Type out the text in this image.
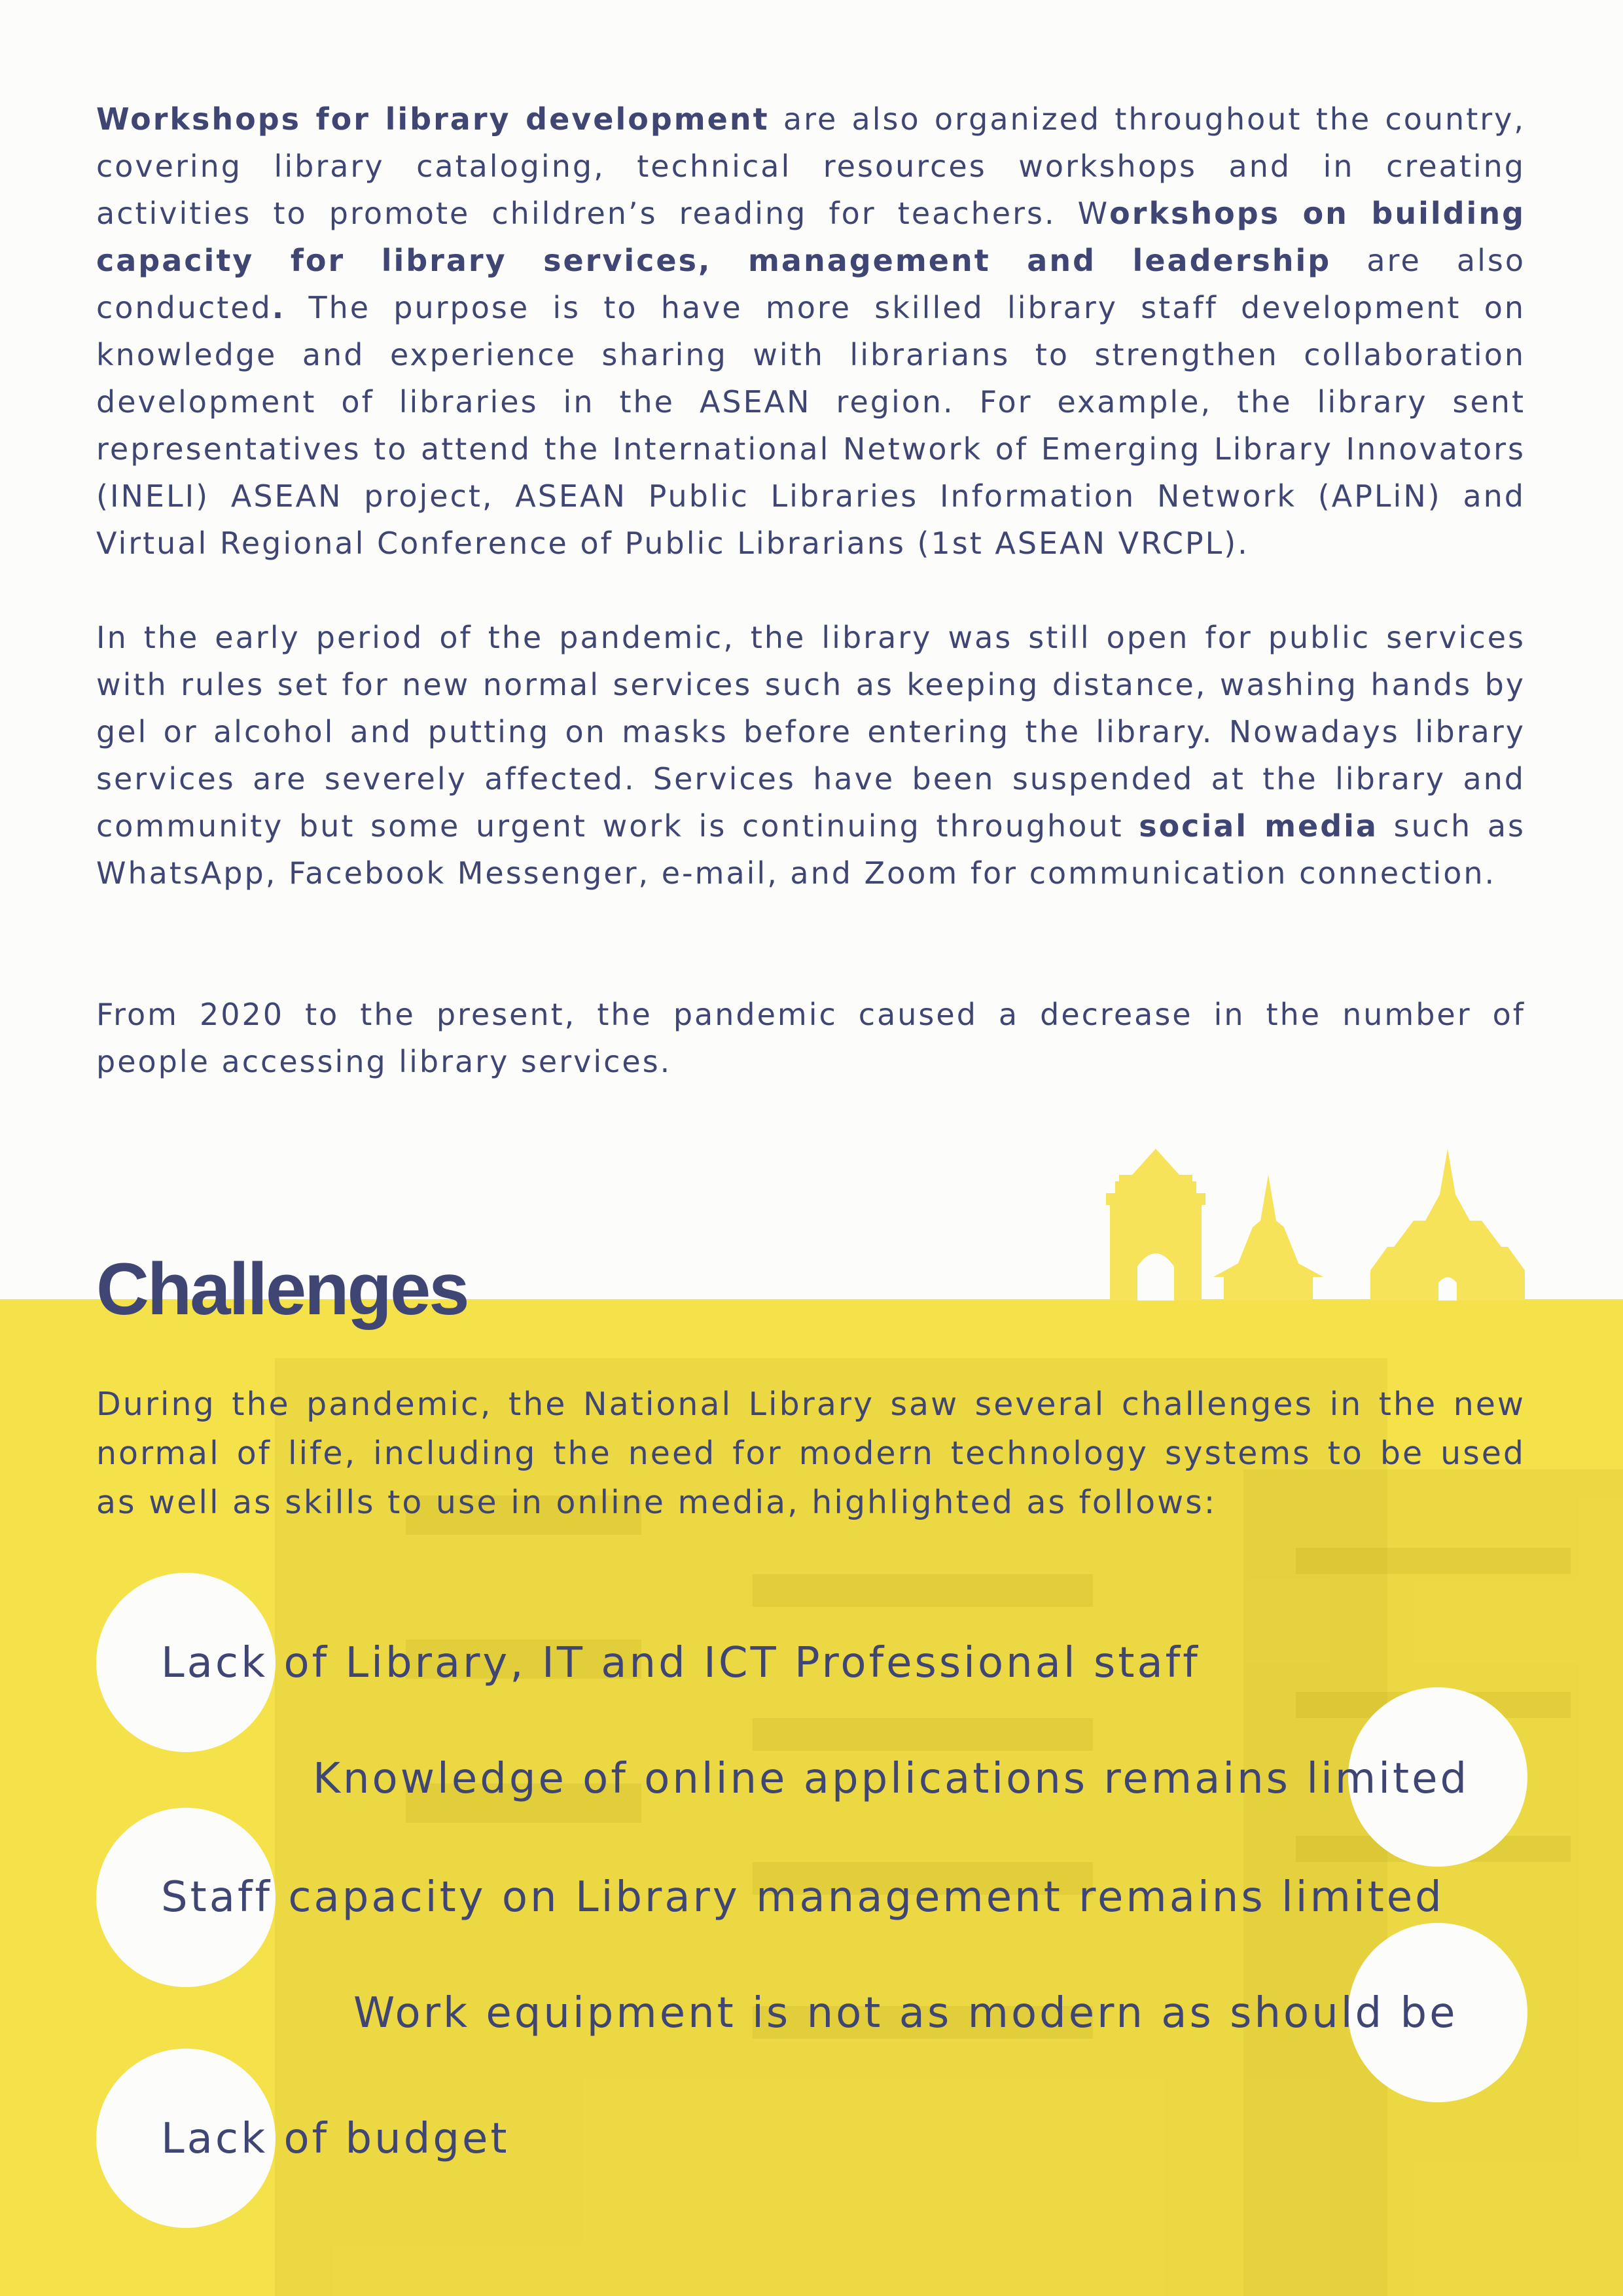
Workshops for library development are also organized throughout the country, covering library cataloging, technical resources workshops and in creating activities to promote children’s reading for teachers. Workshops on building capacity for library services, management and leadership are also conducted. The purpose is to have more skilled library staff development on knowledge and experience sharing with librarians to strengthen collaboration development of libraries in the ASEAN region. For example, the library sent representatives to attend the International Network of Emerging Library Innovators (INELI) ASEAN project, ASEAN Public Libraries Information Network (APLiN) and Virtual Regional Conference of Public Librarians (1st ASEAN VRCPL).

In the early period of the pandemic, the library was still open for public services with rules set for new normal services such as keeping distance, washing hands by gel or alcohol and putting on masks before entering the library. Nowadays library services are severely affected. Services have been suspended at the library and community but some urgent work is continuing throughout social media such as WhatsApp, Facebook Messenger, e-mail, and Zoom for communication connection.

From 2020 to the present, the pandemic caused a decrease in the number of people accessing library services.

Challenges

During the pandemic, the National Library saw several challenges in the new normal of life, including the need for modern technology systems to be used as well as skills to use in online media, highlighted as follows:

Lack of Library, IT and ICT Professional staff

Knowledge of online applications remains limited

Staff capacity on Library management remains limited

Work equipment is not as modern as should be

Lack of budget
